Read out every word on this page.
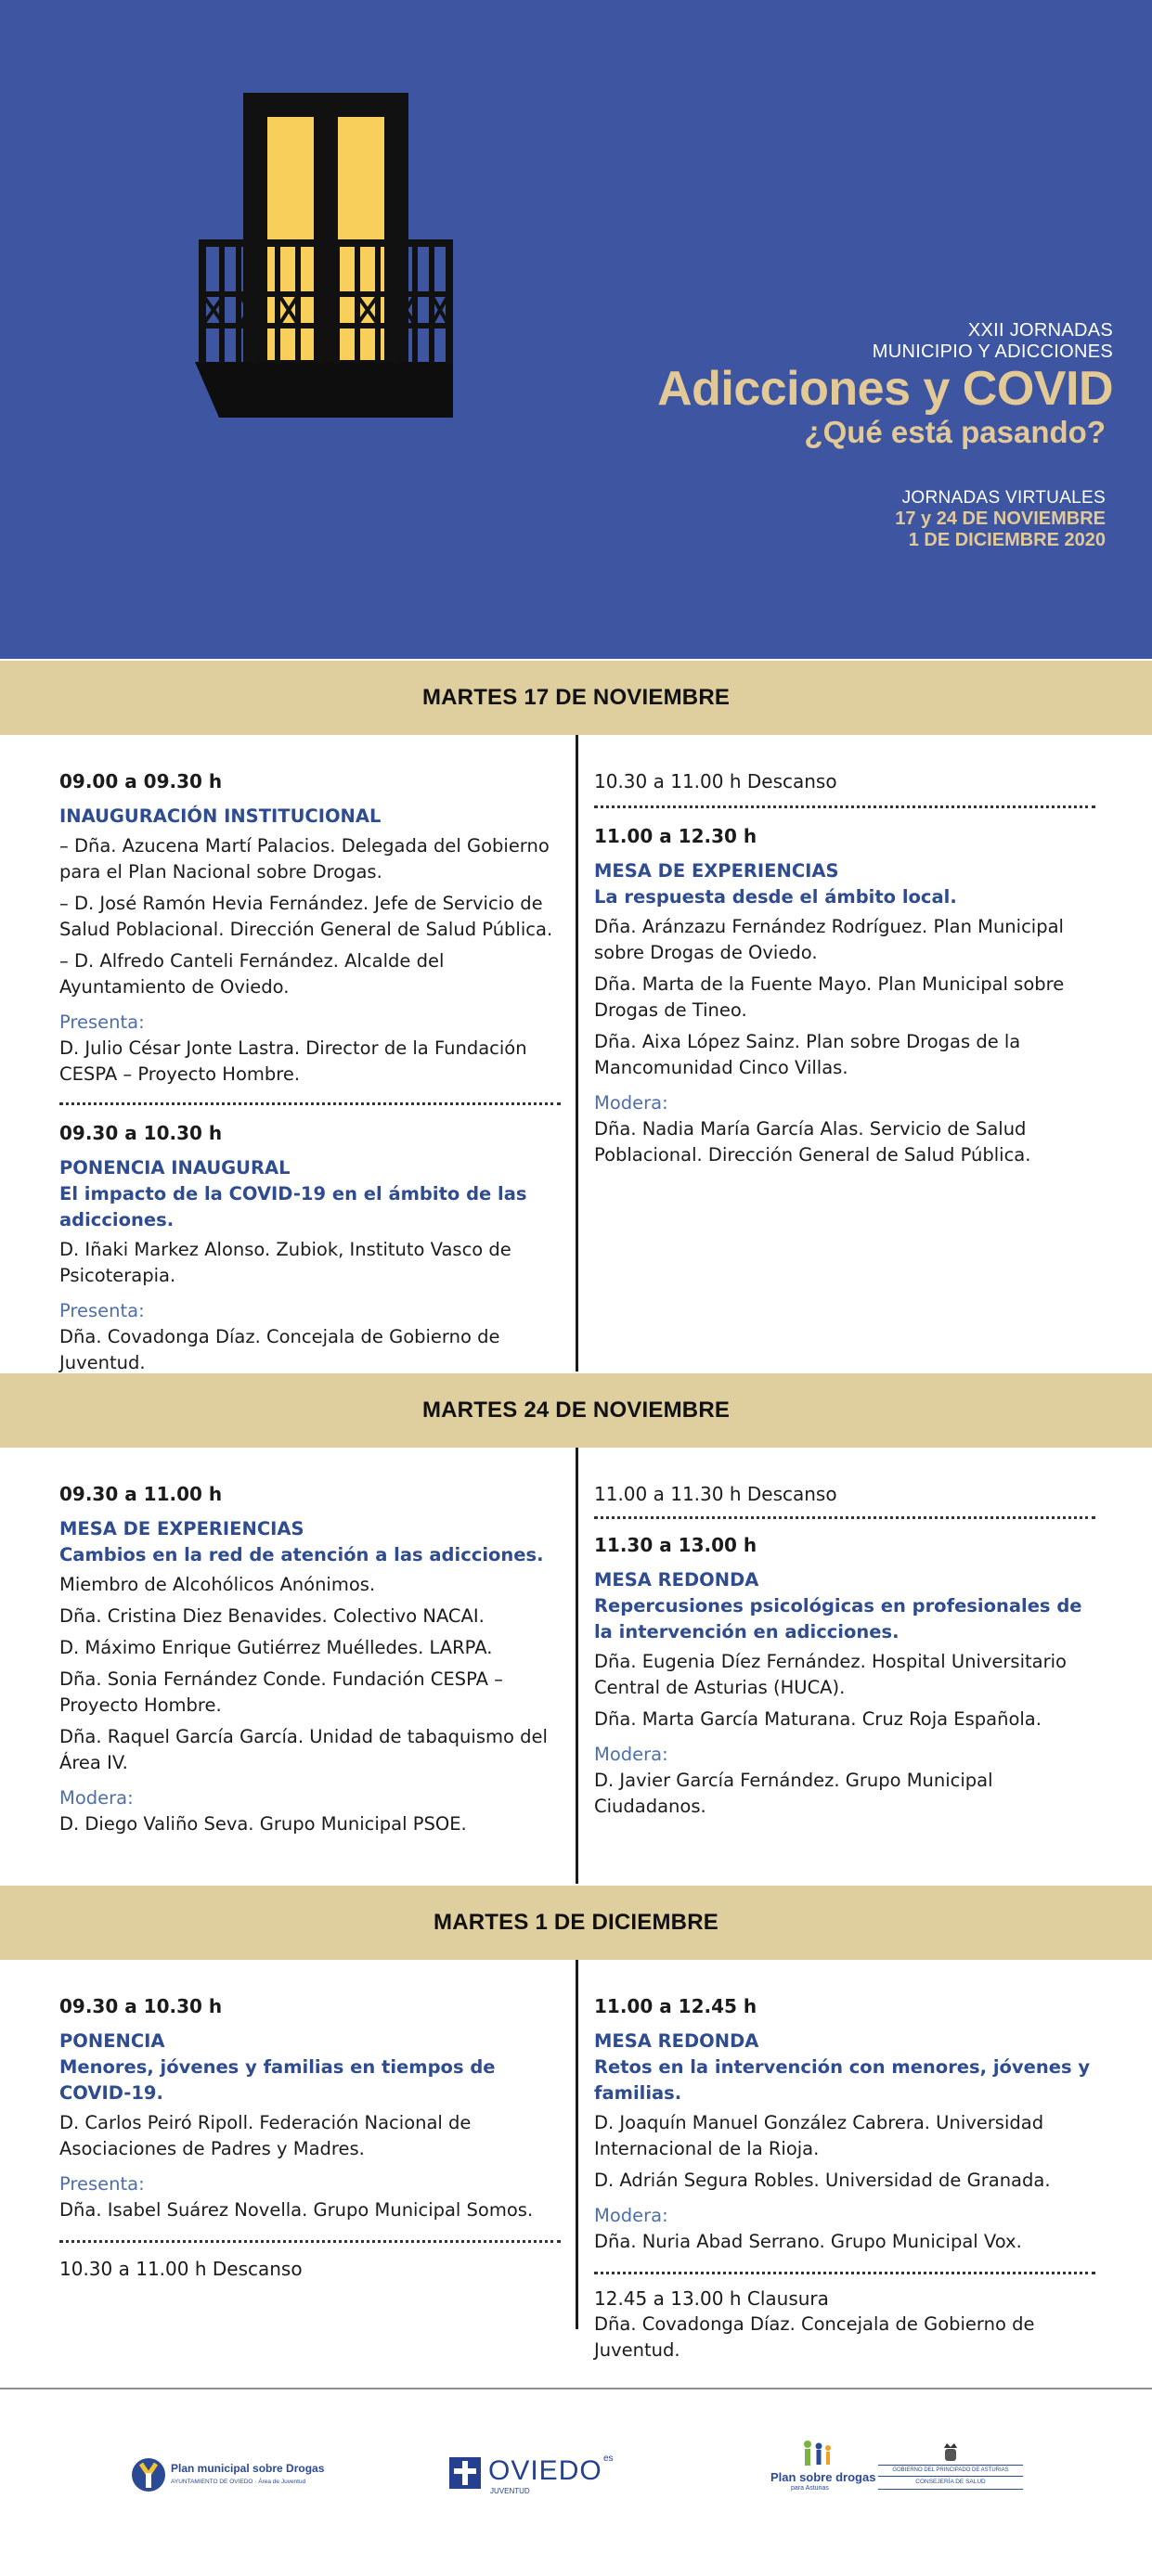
XXII JORNADAS
MUNICIPIO Y ADICCIONES
Adicciones y COVID
¿Qué está pasando?
JORNADAS VIRTUALES
17 y 24 DE NOVIEMBRE
1 DE DICIEMBRE 2020
MARTES 17 DE NOVIEMBRE
09.00 a 09.30 h
INAUGURACIÓN INSTITUCIONAL
– Dña. Azucena Martí Palacios. Delegada del Gobierno para el Plan Nacional sobre Drogas.
– D. José Ramón Hevia Fernández. Jefe de Servicio de Salud Poblacional. Dirección General de Salud Pública.
– D. Alfredo Canteli Fernández. Alcalde del Ayuntamiento de Oviedo.
Presenta:
D. Julio César Jonte Lastra. Director de la Fundación CESPA – Proyecto Hombre.
09.30 a 10.30 h
PONENCIA INAUGURAL
El impacto de la COVID-19 en el ámbito de las adicciones.
D. Iñaki Markez Alonso. Zubiok, Instituto Vasco de Psicoterapia.
Presenta:
Dña. Covadonga Díaz. Concejala de Gobierno de Juventud.
10.30 a 11.00 h Descanso
11.00 a 12.30 h
MESA DE EXPERIENCIAS
La respuesta desde el ámbito local.
Dña. Aránzazu Fernández Rodríguez. Plan Municipal sobre Drogas de Oviedo.
Dña. Marta de la Fuente Mayo. Plan Municipal sobre Drogas de Tineo.
Dña. Aixa López Sainz. Plan sobre Drogas de la Mancomunidad Cinco Villas.
Modera:
Dña. Nadia María García Alas. Servicio de Salud Poblacional. Dirección General de Salud Pública.
MARTES 24 DE NOVIEMBRE
09.30 a 11.00 h
MESA DE EXPERIENCIAS
Cambios en la red de atención a las adicciones.
Miembro de Alcohólicos Anónimos.
Dña. Cristina Diez Benavides. Colectivo NACAI.
D. Máximo Enrique Gutiérrez Muélledes. LARPA.
Dña. Sonia Fernández Conde. Fundación CESPA – Proyecto Hombre.
Dña. Raquel García García. Unidad de tabaquismo del Área IV.
Modera:
D. Diego Valiño Seva. Grupo Municipal PSOE.
11.00 a 11.30 h Descanso
11.30 a 13.00 h
MESA REDONDA
Repercusiones psicológicas en profesionales de la intervención en adicciones.
Dña. Eugenia Díez Fernández. Hospital Universitario Central de Asturias (HUCA).
Dña. Marta García Maturana. Cruz Roja Española.
Modera:
D. Javier García Fernández. Grupo Municipal Ciudadanos.
MARTES 1 DE DICIEMBRE
09.30 a 10.30 h
PONENCIA
Menores, jóvenes y familias en tiempos de COVID-19.
D. Carlos Peiró Ripoll. Federación Nacional de Asociaciones de Padres y Madres.
Presenta:
Dña. Isabel Suárez Novella. Grupo Municipal Somos.
10.30 a 11.00 h Descanso
11.00 a 12.45 h
MESA REDONDA
Retos en la intervención con menores, jóvenes y familias.
D. Joaquín Manuel González Cabrera. Universidad Internacional de la Rioja.
D. Adrián Segura Robles. Universidad de Granada.
Modera:
Dña. Nuria Abad Serrano. Grupo Municipal Vox.
12.45 a 13.00 h Clausura
Dña. Covadonga Díaz. Concejala de Gobierno de Juventud.
Plan municipal sobre Drogas
AYUNTAMIENTO DE OVIEDO · Área de Juventud	OVIEDO es
JUVENTUD
Plan sobre drogas
para Asturias
GOBIERNO DEL PRINCIPADO DE ASTURIAS
CONSEJERÍA DE SALUD
